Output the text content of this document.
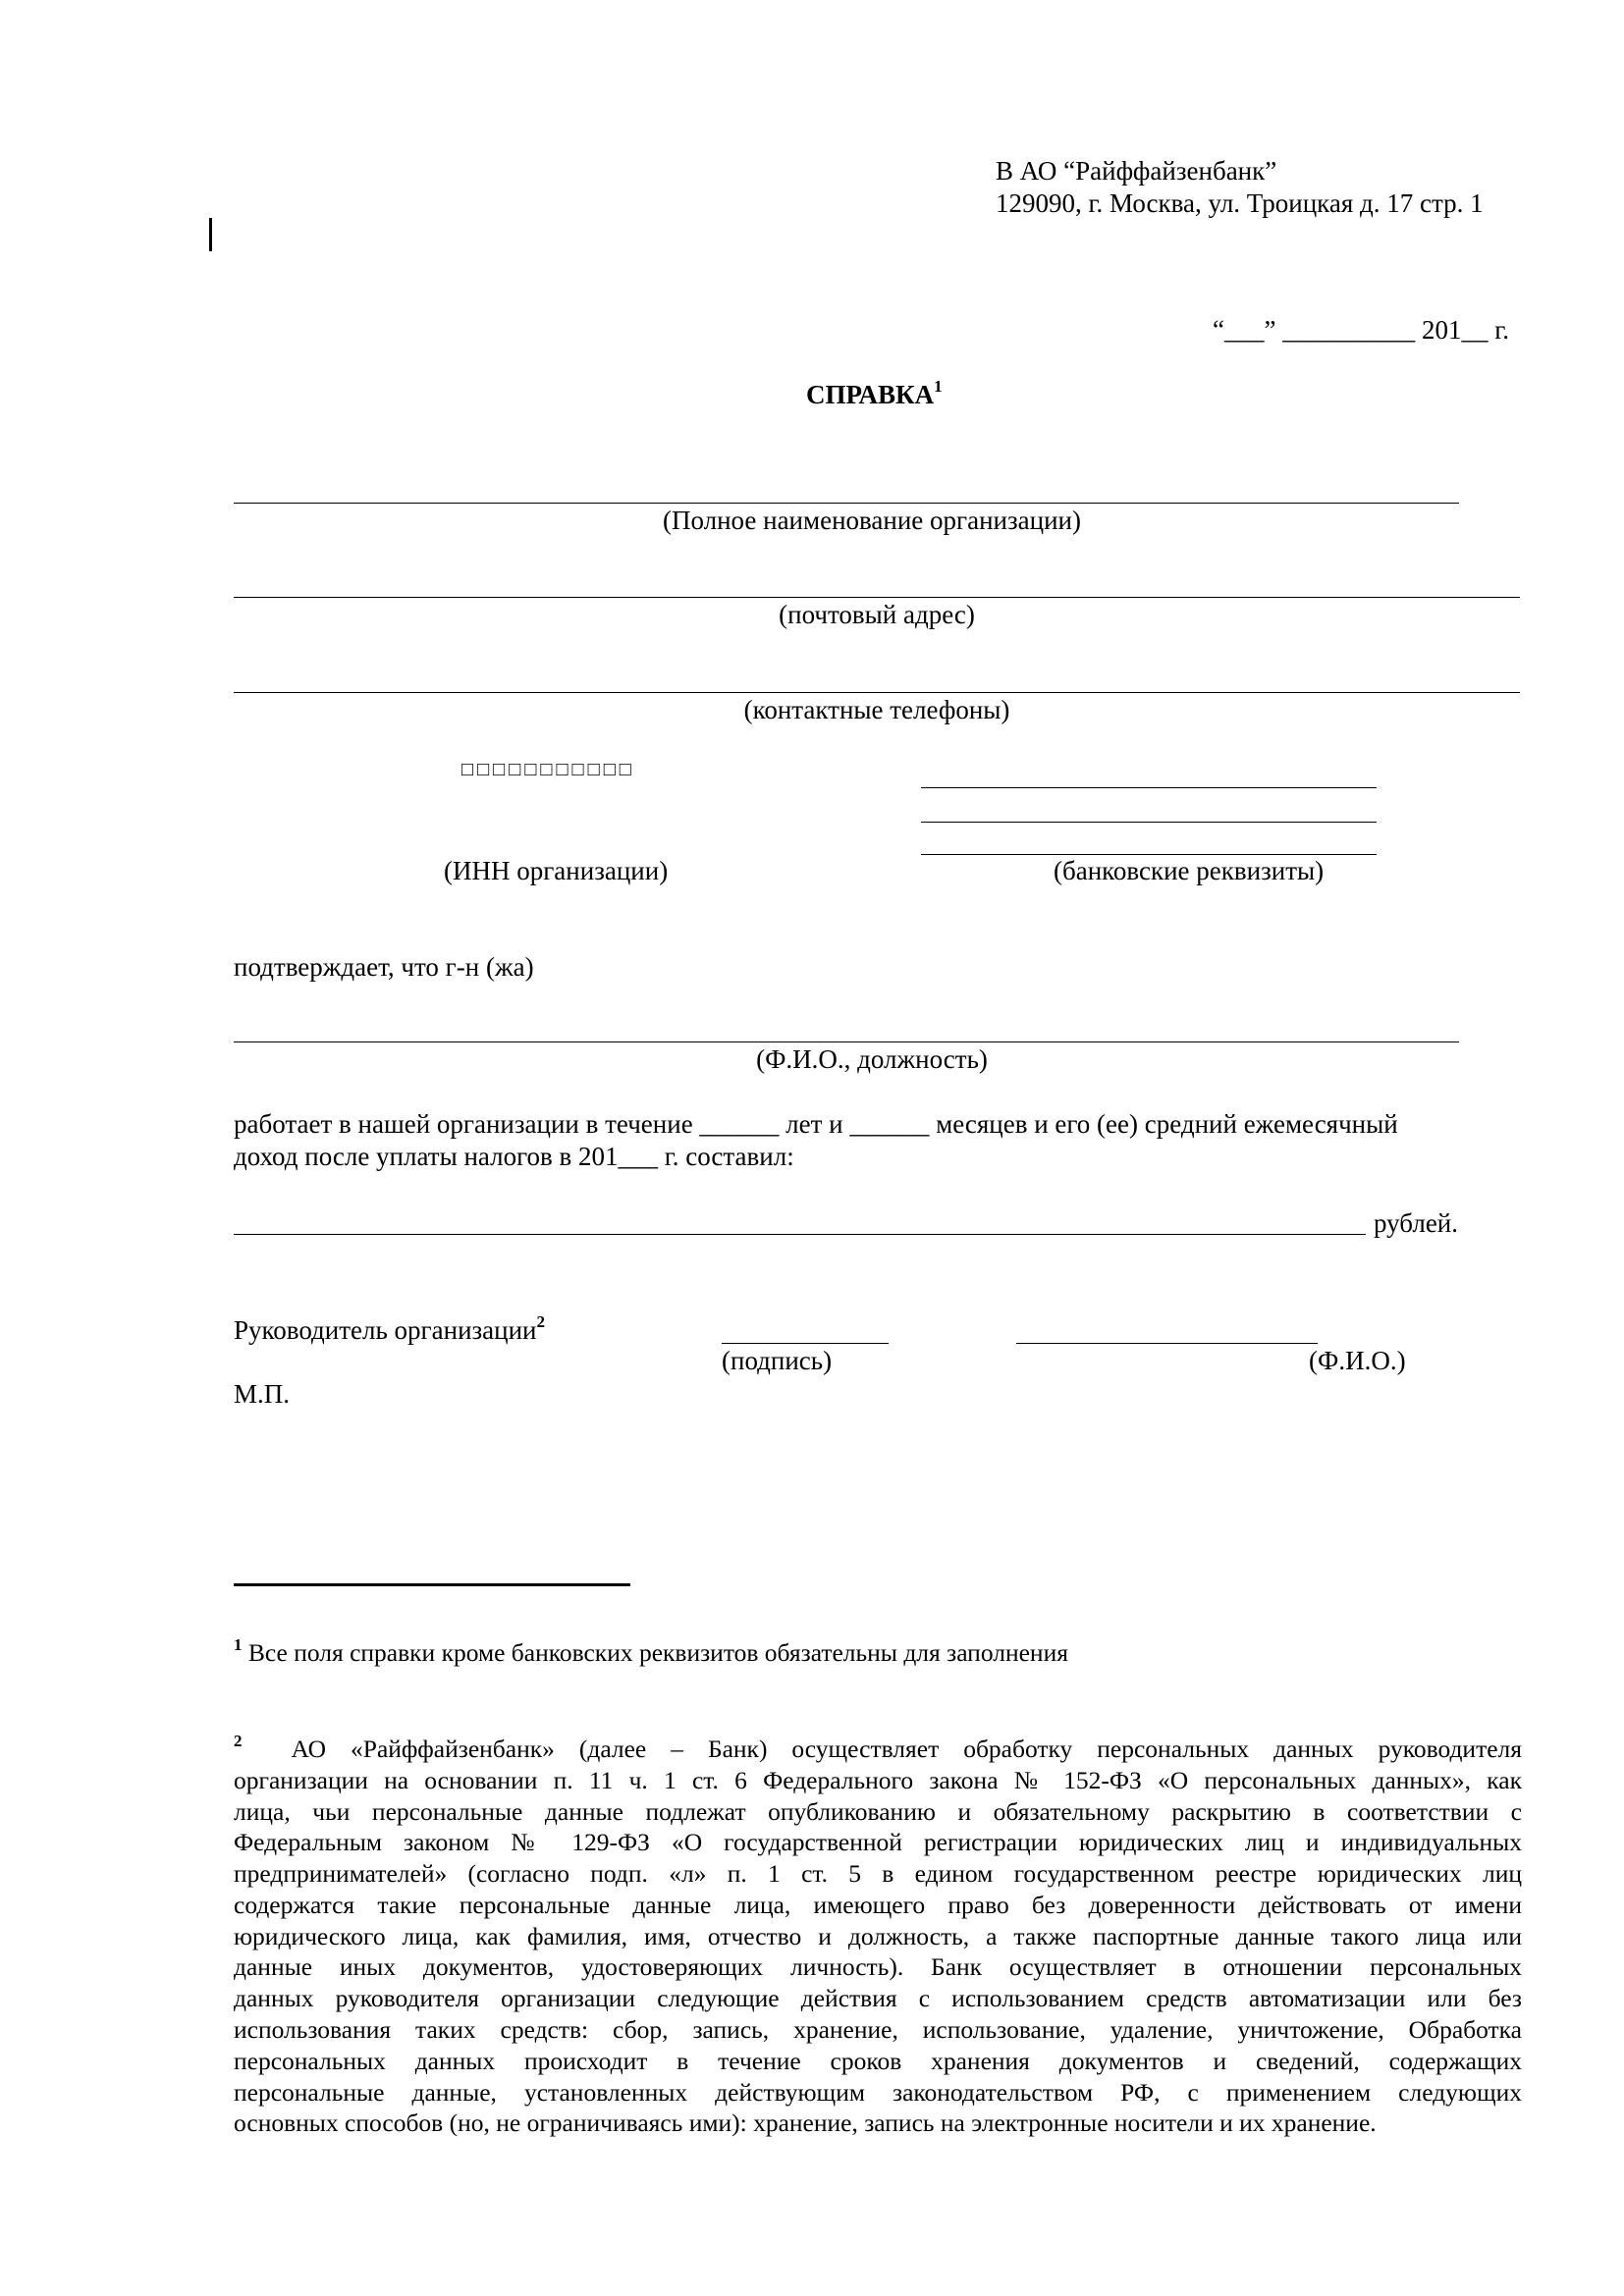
В АО “Райффайзенбанк”
129090, г. Москва, ул. Троицкая д. 17 стр. 1
“___” __________ 201__ г.
СПРАВКА$^1$
(Полное наименование организации)
(почтовый адрес)
(контактные телефоны)
□□□□□□□□□□□
(ИНН организации)	(банковские реквизиты)
подтверждает, что г-н (жа)
(Ф.И.О., должность)
работает в нашей организации в течение ______ лет и ______ месяцев и его (ее) средний ежемесячный
доход после уплаты налогов в 201___ г. составил:
рублей.
Руководитель организации$^2$
(подпись)	(Ф.И.О.)
М.П.
$^1$ Все поля справки кроме банковских реквизитов обязательны для заполнения
$^2$ АО «Райффайзенбанк» (далее – Банк) осуществляет обработку персональных данных руководителя
организации на основании п. 11 ч. 1 ст. 6 Федерального закона № 152-ФЗ «О персональных данных», как
лица, чьи персональные данные подлежат опубликованию и обязательному раскрытию в соответствии с
Федеральным законом № 129-ФЗ «О государственной регистрации юридических лиц и индивидуальных
предпринимателей» (согласно подп. «л» п. 1 ст. 5 в едином государственном реестре юридических лиц
содержатся такие персональные данные лица, имеющего право без доверенности действовать от имени
юридического лица, как фамилия, имя, отчество и должность, а также паспортные данные такого лица или
данные иных документов, удостоверяющих личность). Банк осуществляет в отношении персональных
данных руководителя организации следующие действия с использованием средств автоматизации или без
использования таких средств: сбор, запись, хранение, использование, удаление, уничтожение, Обработка
персональных данных происходит в течение сроков хранения документов и сведений, содержащих
персональные данные, установленных действующим законодательством РФ, с применением следующих
основных способов (но, не ограничиваясь ими): хранение, запись на электронные носители и их хранение.
